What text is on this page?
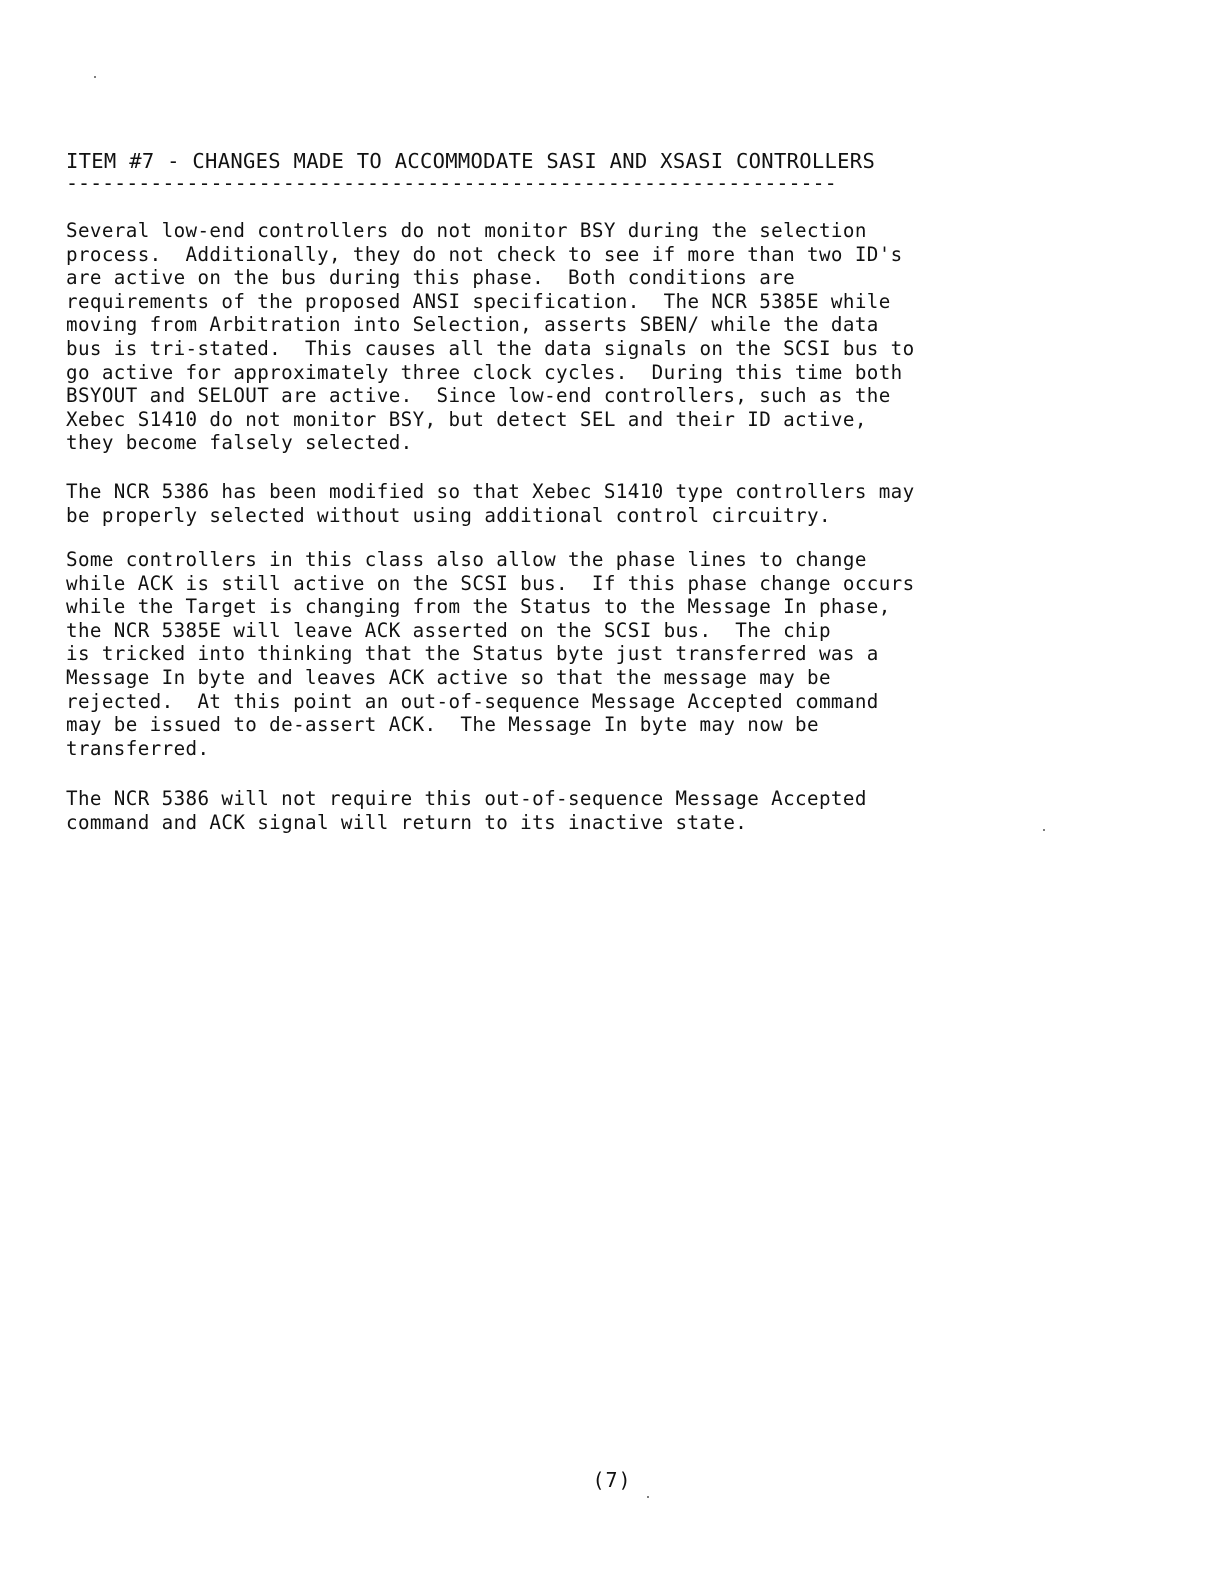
ITEM #7 - CHANGES MADE TO ACCOMMODATE SASI AND XSASI CONTROLLERS
----------------------------------------------------------------
Several low-end controllers do not monitor BSY during the selection
process.  Additionally, they do not check to see if more than two ID's
are active on the bus during this phase.  Both conditions are
requirements of the proposed ANSI specification.  The NCR 5385E while
moving from Arbitration into Selection, asserts SBEN/ while the data
bus is tri-stated.  This causes all the data signals on the SCSI bus to
go active for approximately three clock cycles.  During this time both
BSYOUT and SELOUT are active.  Since low-end controllers, such as the
Xebec S1410 do not monitor BSY, but detect SEL and their ID active,
they become falsely selected.
The NCR 5386 has been modified so that Xebec S1410 type controllers may
be properly selected without using additional control circuitry.
Some controllers in this class also allow the phase lines to change
while ACK is still active on the SCSI bus.  If this phase change occurs
while the Target is changing from the Status to the Message In phase,
the NCR 5385E will leave ACK asserted on the SCSI bus.  The chip
is tricked into thinking that the Status byte just transferred was a
Message In byte and leaves ACK active so that the message may be
rejected.  At this point an out-of-sequence Message Accepted command
may be issued to de-assert ACK.  The Message In byte may now be
transferred.
The NCR 5386 will not require this out-of-sequence Message Accepted
command and ACK signal will return to its inactive state.
(7)
